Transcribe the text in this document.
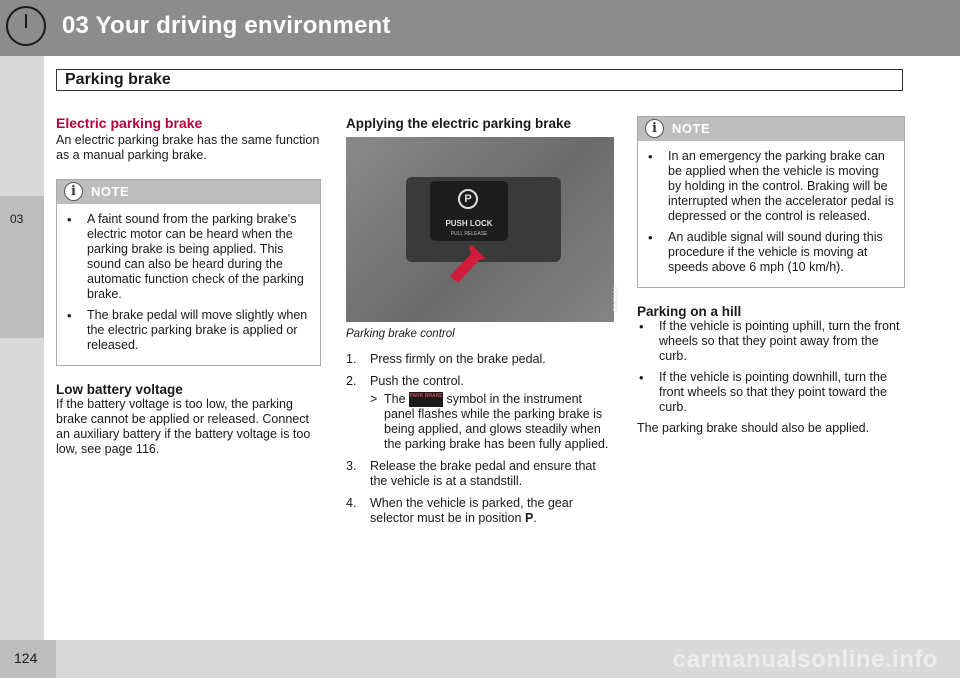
03 Your driving environment
Parking brake
03
Electric parking brake

An electric parking brake has the same function as a manual parking brake.

i	NOTE
• A faint sound from the parking brake's electric motor can be heard when the parking brake is being applied. This sound can also be heard during the automatic function check of the parking brake.
• The brake pedal will move slightly when the electric parking brake is applied or released.
Low battery voltage

If the battery voltage is too low, the parking brake cannot be applied or released. Connect an auxiliary battery if the battery voltage is too low, see page 116.

Applying the electric parking brake
P
PUSH LOCK
PULL RELEASE
G043198
Parking brake control
1. Press firmly on the brake pedal.
2. Push the control.
> The PARK BRAKE symbol in the instrument panel flashes while the parking brake is being applied, and glows steadily when the parking brake has been fully applied.
3. Release the brake pedal and ensure that the vehicle is at a standstill.
4. When the vehicle is parked, the gear selector must be in position P.
i	NOTE
• In an emergency the parking brake can be applied when the vehicle is moving by holding in the control. Braking will be interrupted when the accelerator pedal is depressed or the control is released.
• An audible signal will sound during this procedure if the vehicle is moving at speeds above 6 mph (10 km/h).
Parking on a hill
• If the vehicle is pointing uphill, turn the front wheels so that they point away from the curb.
• If the vehicle is pointing downhill, turn the front wheels so that they point toward the curb.

The parking brake should also be applied.

124	carmanualsonline.info
